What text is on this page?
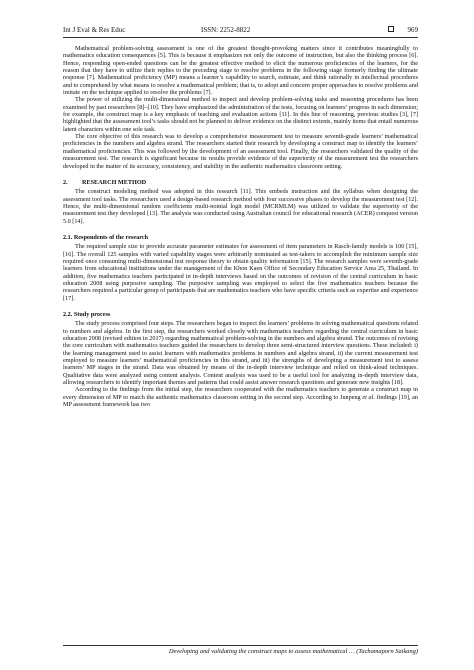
Int J Eval & Res Educ	ISSN: 2252-8822	969

Mathematical problem-solving assessment is one of the greatest thought-provoking matters since it contributes meaningfully to mathematics education consequences [5]. This is because it emphasizes not only the outcome of instruction, but also the thinking process [6]. Hence, responding open-ended questions can be the greatest effective method to elicit the numerous proficiencies of the learners, for the reason that they have to utilize their replies to the preceding stage to resolve problems in the following stage formerly finding the ultimate response [7]. Mathematical proficiency (MP) means a learner’s capability to search, estimate, and think rationally in intellectual procedures and to comprehend by what means to resolve a mathematical problem; that is, to adopt and concern proper approaches to resolve problems and imitate on the technique applied to resolve the problems [7].

The power of utilizing the multi-dimensional method to inspect and develop problem-solving tasks and reasoning procedures has been examined by past researchers [8]–[10]. They have emphasized the administration of the tests, focusing on learners’ progress in each dimension; for example, the construct map is a key emphasis of teaching and evaluation actions [11]. In this line of reasoning, previous studies [3], [7] highlighted that the assessment tool’s tasks should not be planned to deliver evidence on the distinct extents, mainly items that entail numerous latent characters within one sole task.

The core objective of this research was to develop a comprehensive measurement test to measure seventh-grade learners’ mathematical proficiencies in the numbers and algebra strand. The researchers started their research by developing a construct map to identify the learners’ mathematical proficiencies. This was followed by the development of an assessment tool. Finally, the researchers validated the quality of the measurement test. The research is significant because its results provide evidence of the superiority of the measurement test the researchers developed in the matter of its accuracy, consistency, and stability in the authentic mathematics classroom setting.

2. RESEARCH METHOD

The construct modeling method was adopted in this research [11]. This embeds instruction and the syllabus when designing the assessment tool tasks. The researchers used a design-based research method with four successive phases to develop the measurement test [12]. Hence, the multi-dimensional random coefficients multi-nomial logit model (MCRMLM) was utilized to validate the superiority of the measurement test they developed [13]. The analysis was conducted using Australian council for educational research (ACER) conquest version 5.0 [14].

2.1. Respondents of the research

The required sample size to provide accurate parameter estimates for assessment of item parameters in Rasch-family models is 100 [15], [16]. The overall 125 samples with varied capability stages were arbitrarily nominated as test-takers to accomplish the minimum sample size required once consuming multi-dimensional test response theory to obtain quality information [15]. The research samples were seventh-grade learners from educational institutions under the management of the Khon Kaen Office of Secondary Education Service Area 25, Thailand. In addition, five mathematics teachers participated in in-depth interviews based on the outcomes of revision of the central curriculum in basic education 2008 using purposive sampling. The purposive sampling was employed to select the five mathematics teachers because the researchers required a particular group of participants that are mathematics teachers who have specific criteria such as expertise and experience [17].

2.2. Study process

The study process comprised four steps. The researchers began to inspect the learners’ problems in solving mathematical questions related to numbers and algebra. In the first step, the researchers worked closely with mathematics teachers regarding the central curriculum in basic education 2008 (revised edition in 2017) regarding mathematical problem-solving in the numbers and algebra strand. The outcomes of revising the core curriculum with mathematics teachers guided the researchers to develop three semi-structured interview questions. These included: i) the learning management used to assist learners with mathematics problems in numbers and algebra strand, ii) the current measurement test employed to measure learners’ mathematical proficiencies in this strand, and iii) the strengths of developing a measurement test to assess learners’ MP stages in the strand. Data was obtained by means of the in-depth interview technique and relied on think-aloud techniques. Qualitative data were analyzed using content analysis. Content analysis was used to be a useful tool for analyzing in-depth interview data, allowing researchers to identify important themes and patterns that could assist answer research questions and generate new insights [18].

According to the findings from the initial step, the researchers cooperated with the mathematics teachers to generate a construct map in every dimension of MP to match the authentic mathematics classroom setting in the second step. According to Junpeng et al. findings [19], an MP assessment framework has two

Developing and validating the construct maps to assess mathematical … (Tachamaporn Saikang)
